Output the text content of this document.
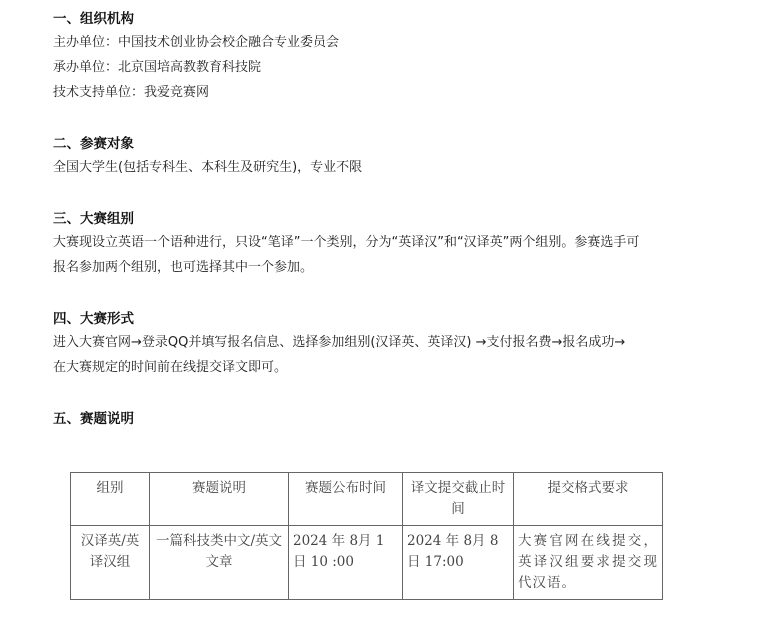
一、组织机构

主办单位：中国技术创业协会校企融合专业委员会

承办单位：北京国培高教教育科技院

技术支持单位：我爱竞赛网

二、参赛对象

全国大学生(包括专科生、本科生及研究生)，专业不限

三、大赛组别

大赛现设立英语一个语种进行，只设“笔译”一个类别，分为“英译汉”和“汉译英”两个组别。参赛选手可

报名参加两个组别，也可选择其中一个参加。

四、大赛形式

进入大赛官网→登录QQ并填写报名信息、选择参加组别(汉译英、英译汉) →支付报名费→报名成功→

在大赛规定的时间前在线提交译文即可。

五、赛题说明

组别	赛题说明	赛题公布时间	译文提交截止时间	提交格式要求
汉译英/英译汉组	一篇科技类中文/英文文章	2024 年 8月 1 日 10 :00	2024 年 8月 8 日 17:00	大赛官网在线提交，英译汉组要求提交现代汉语。
